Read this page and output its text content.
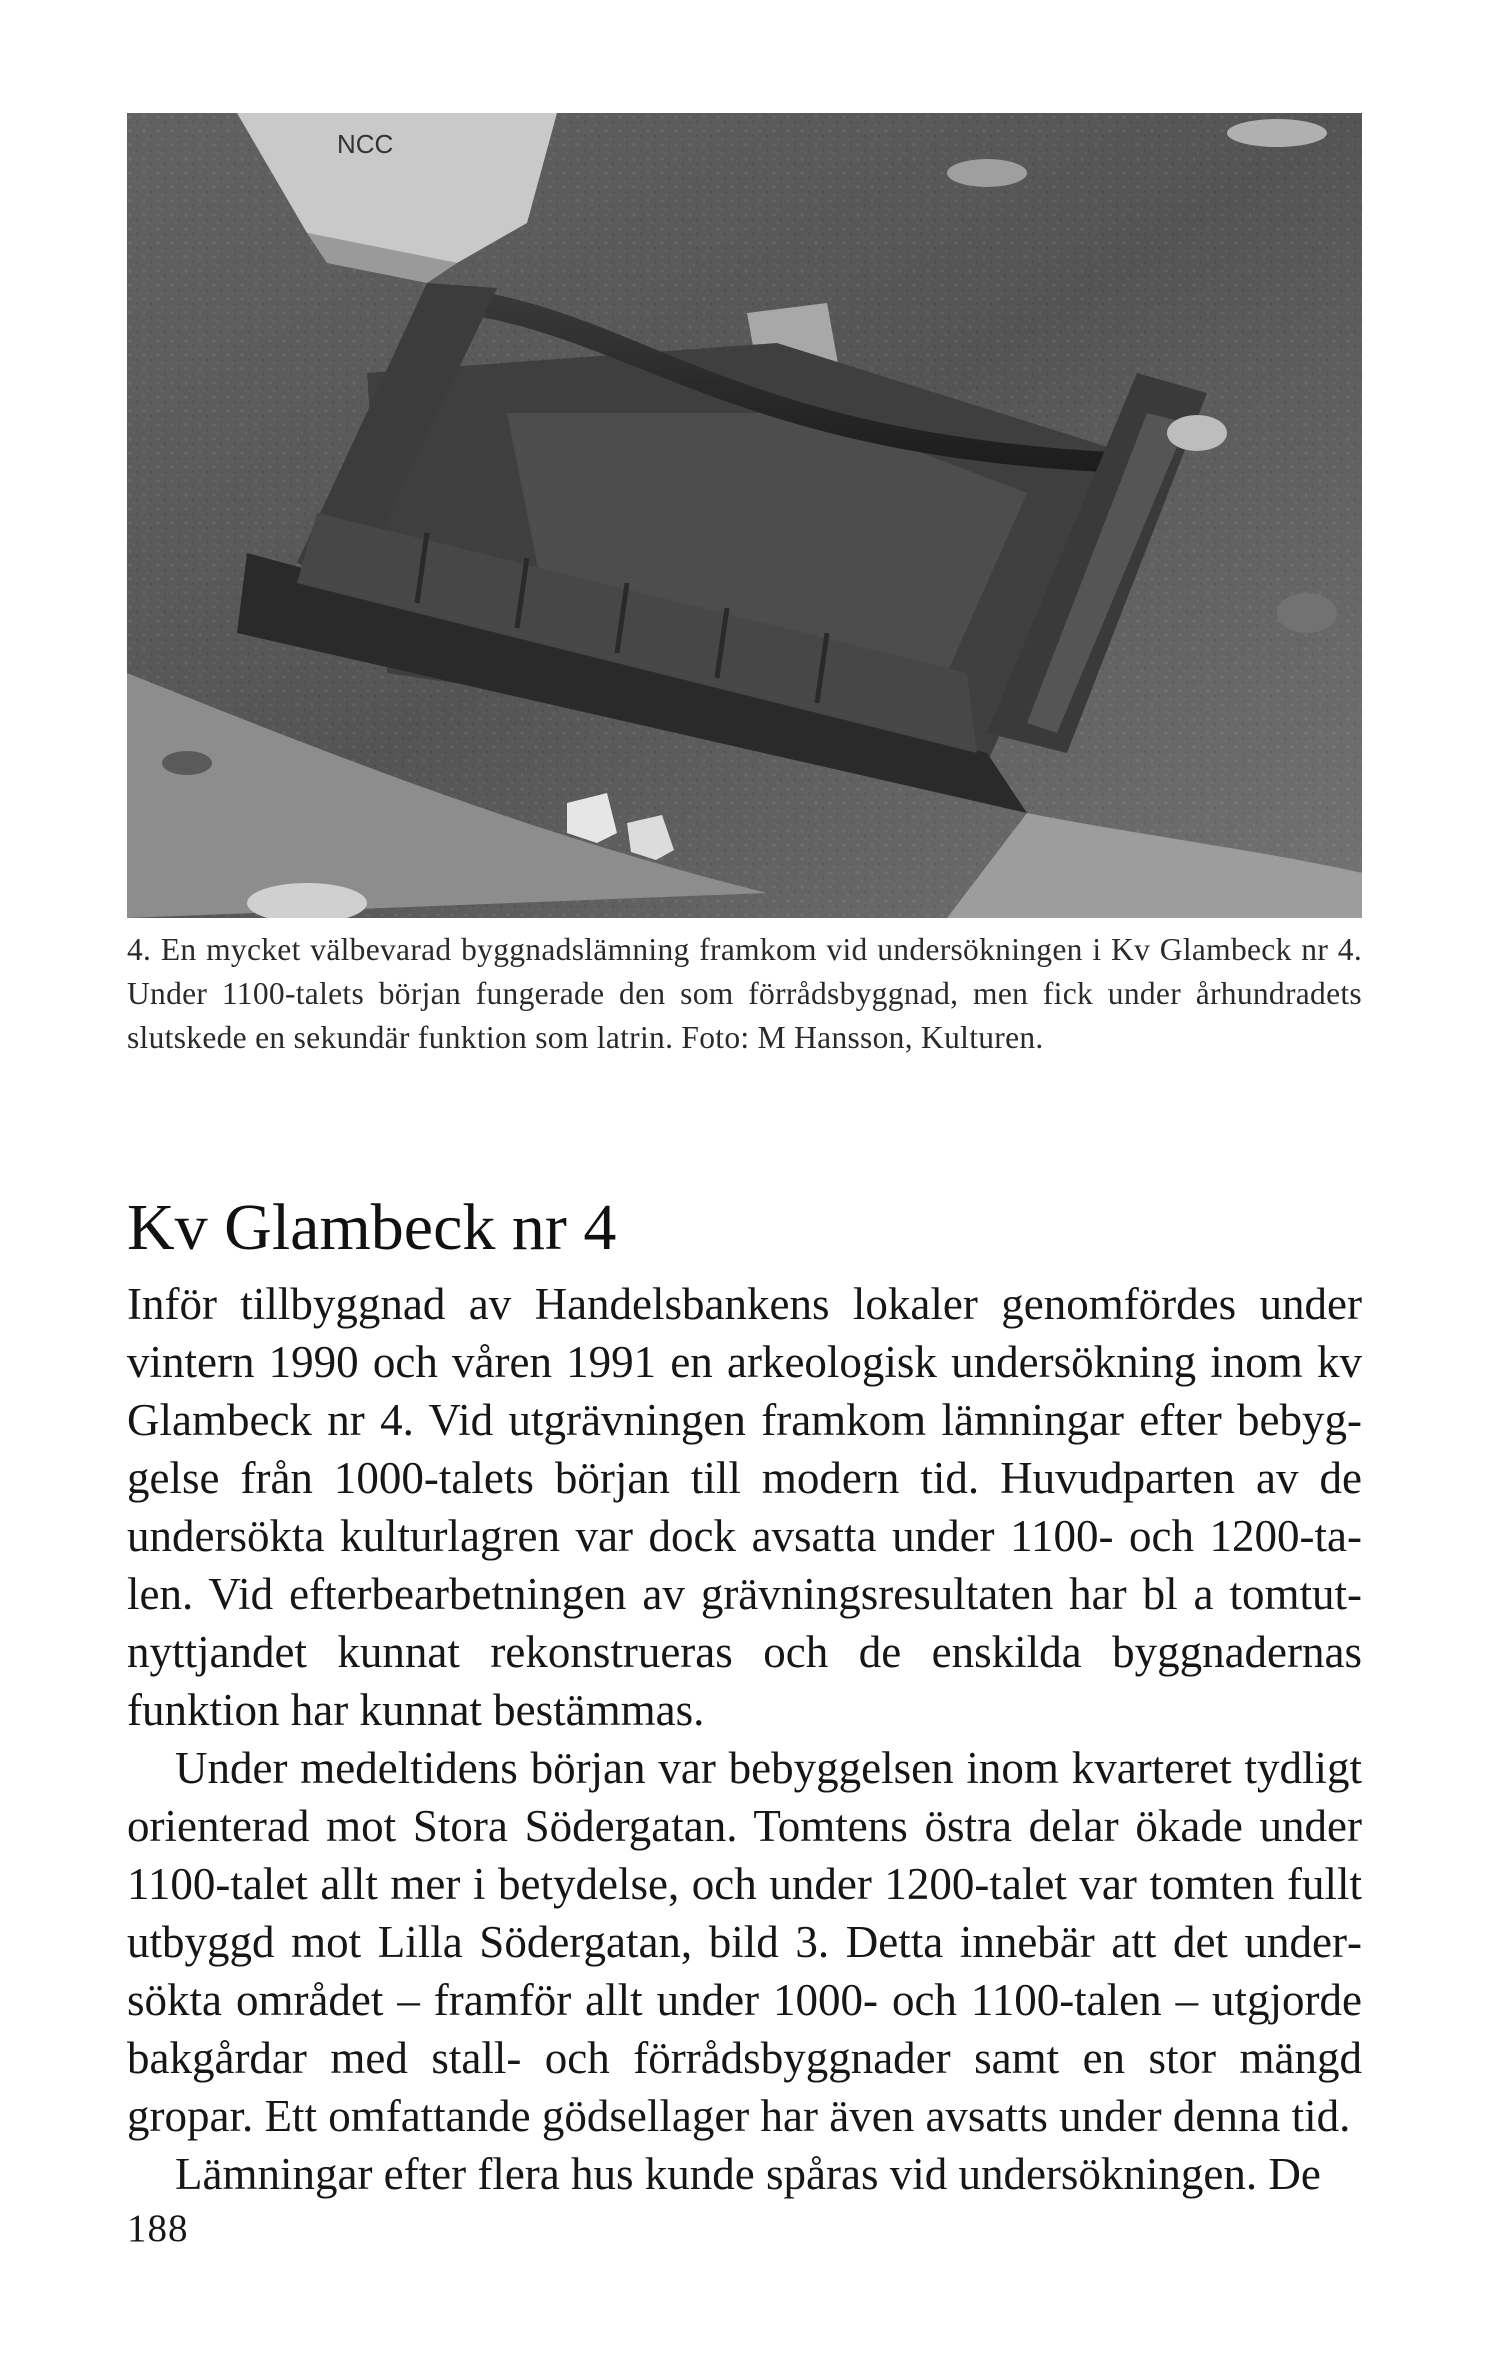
NCC
4. En mycket välbevarad byggnadslämning framkom vid undersökningen i Kv Glambeck nr 4. Under 1100-talets början fungerade den som förrådsbyggnad, men fick under århundradets slutskede en sekundär funktion som latrin. Foto: M Hansson, Kulturen.
Kv Glambeck nr 4

Inför tillbyggnad av Handelsbankens lokaler genomfördes under vintern 1990 och våren 1991 en arkeologisk undersökning inom kv Glambeck nr 4. Vid utgrävningen framkom lämningar efter bebyggelse från 1000-talets början till modern tid. Huvudparten av de undersökta kulturlagren var dock avsatta under 1100- och 1200-talen. Vid efterbearbetningen av grävningsresultaten har bl a tomtutnyttjandet kunnat rekonstrueras och de enskilda byggnadernas funktion har kunnat bestämmas.

Under medeltidens början var bebyggelsen inom kvarteret tydligt orienterad mot Stora Södergatan. Tomtens östra delar ökade under 1100-talet allt mer i betydelse, och under 1200-talet var tomten fullt utbyggd mot Lilla Södergatan, bild 3. Detta innebär att det undersökta området – framför allt under 1000- och 1100-talen – utgjorde bakgårdar med stall- och förrådsbyggnader samt en stor mängd gropar. Ett omfattande gödsellager har även avsatts under denna tid.

Lämningar efter flera hus kunde spåras vid undersökningen. De

188
